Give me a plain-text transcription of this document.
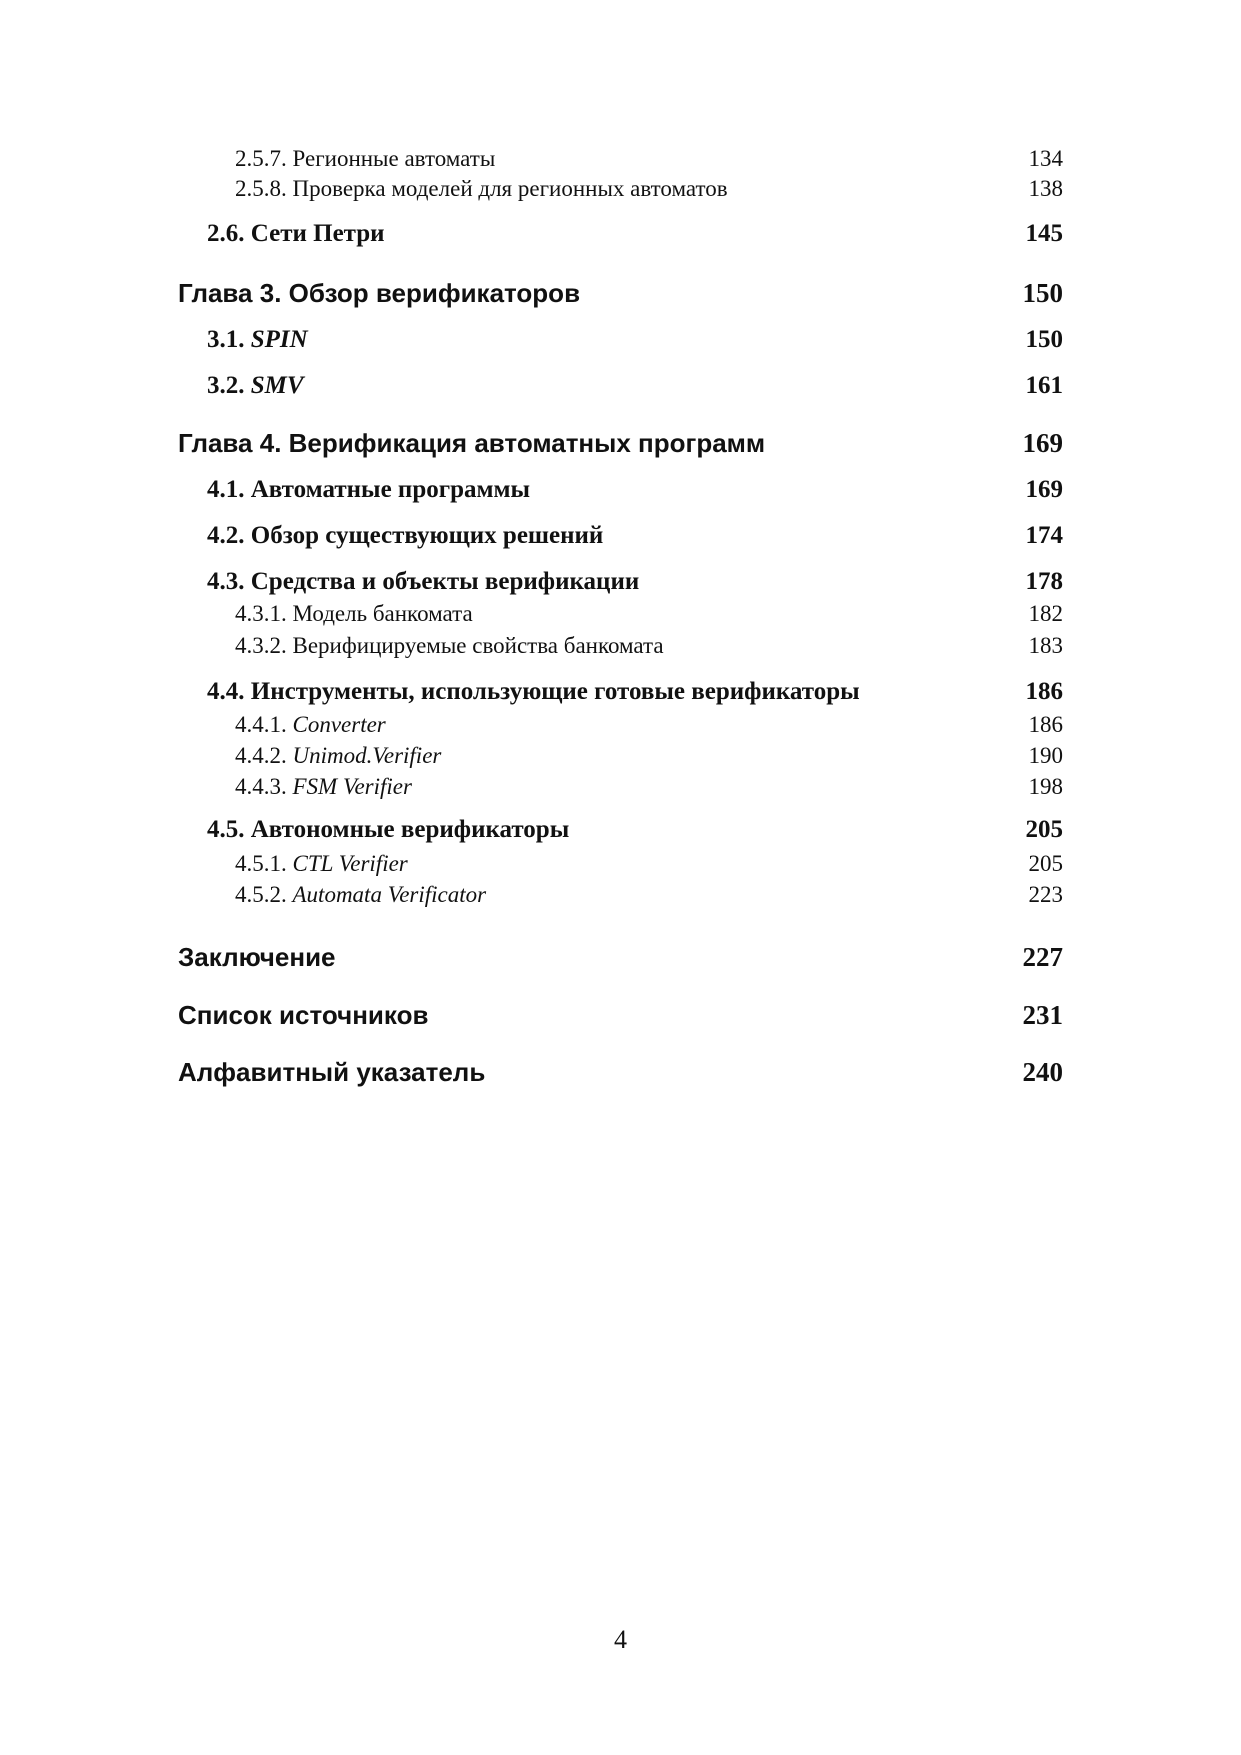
2.5.7. Регионные автоматы	134
2.5.8. Проверка моделей для регионных автоматов	138
2.6. Сети Петри	145
Глава 3. Обзор верификаторов	150
3.1. SPIN	150
3.2. SMV	161
Глава 4. Верификация автоматных программ	169
4.1. Автоматные программы	169
4.2. Обзор существующих решений	174
4.3. Средства и объекты верификации	178
4.3.1. Модель банкомата	182
4.3.2. Верифицируемые свойства банкомата	183
4.4. Инструменты, использующие готовые верификаторы	186
4.4.1. Converter	186
4.4.2. Unimod.Verifier	190
4.4.3. FSM Verifier	198
4.5. Автономные верификаторы	205
4.5.1. CTL Verifier	205
4.5.2. Automata Verificator	223
Заключение	227
Список источников	231
Алфавитный указатель	240
4
